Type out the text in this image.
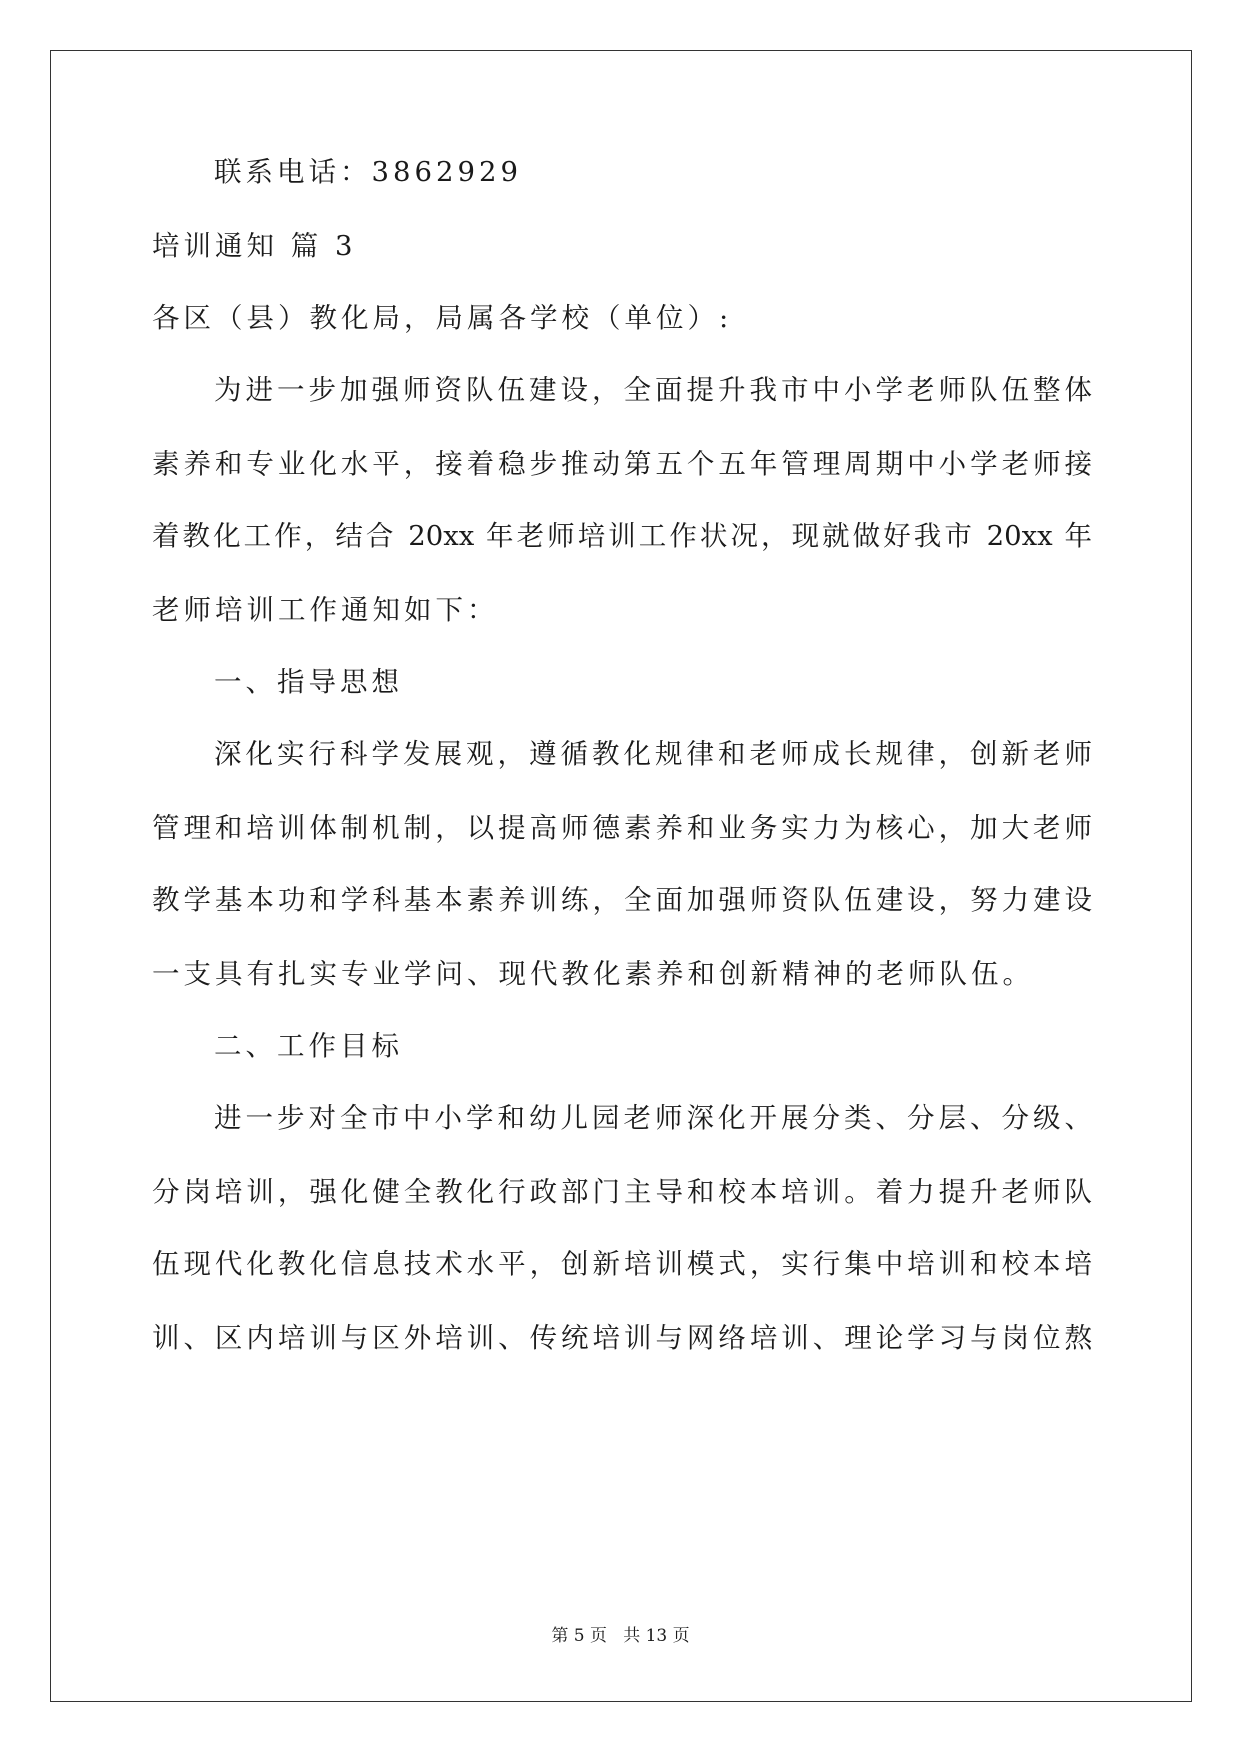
联系电话：3862929
培训通知 篇 3
各区（县）教化局，局属各学校（单位）:
为进一步加强师资队伍建设，全面提升我市中小学老师队伍整体
素养和专业化水平，接着稳步推动第五个五年管理周期中小学老师接
着教化工作，结合 20xx 年老师培训工作状况，现就做好我市 20xx 年
老师培训工作通知如下：
一、指导思想
深化实行科学发展观，遵循教化规律和老师成长规律，创新老师
管理和培训体制机制，以提高师德素养和业务实力为核心，加大老师
教学基本功和学科基本素养训练，全面加强师资队伍建设，努力建设
一支具有扎实专业学问、现代教化素养和创新精神的老师队伍。
二、工作目标
进一步对全市中小学和幼儿园老师深化开展分类、分层、分级、
分岗培训，强化健全教化行政部门主导和校本培训。着力提升老师队
伍现代化教化信息技术水平，创新培训模式，实行集中培训和校本培
训、区内培训与区外培训、传统培训与网络培训、理论学习与岗位熬
第 5 页 共 13 页
